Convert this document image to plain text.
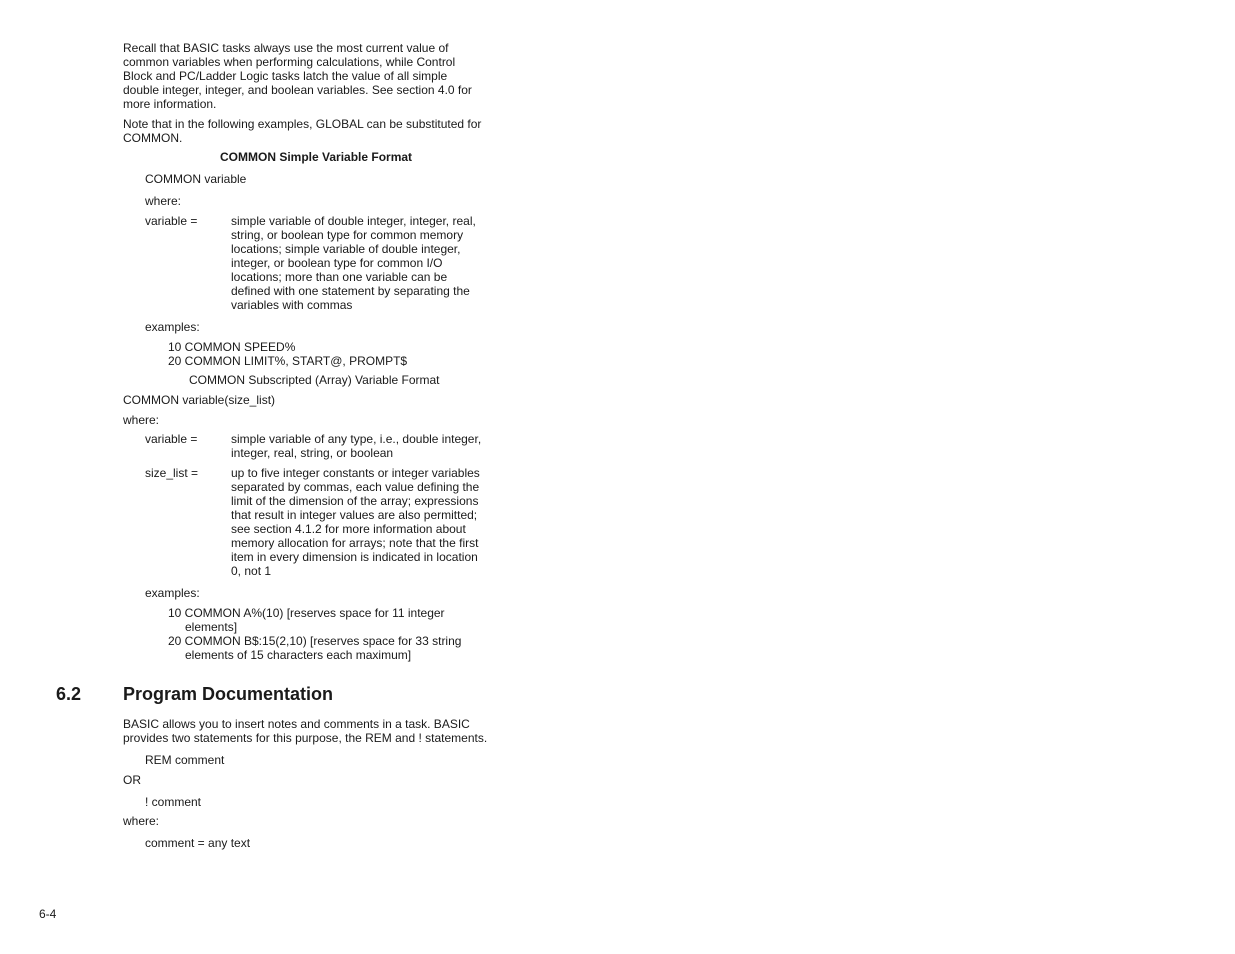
Recall that BASIC tasks always use the most current value of
common variables when performing calculations, while Control
Block and PC/Ladder Logic tasks latch the value of all simple
double integer, integer, and boolean variables. See section 4.0 for
more information.
Note that in the following examples, GLOBAL can be substituted for
COMMON.
COMMON Simple Variable Format
COMMON variable
where:
variable =	simple variable of double integer, integer, real,
string, or boolean type for common memory
locations; simple variable of double integer,
integer, or boolean type for common I/O
locations; more than one variable can be
defined with one statement by separating the
variables with commas
examples:
10 COMMON SPEED%
20 COMMON LIMIT%, START@, PROMPT$
COMMON Subscripted (Array) Variable Format
COMMON variable(size_list)
where:
variable =	simple variable of any type, i.e., double integer,
integer, real, string, or boolean
size_list =	up to five integer constants or integer variables
separated by commas, each value defining the
limit of the dimension of the array; expressions
that result in integer values are also permitted;
see section 4.1.2 for more information about
memory allocation for arrays; note that the first
item in every dimension is indicated in location
0, not 1
examples:
10 COMMON A%(10) [reserves space for 11 integer
elements]
20 COMMON B$:15(2,10) [reserves space for 33 string
elements of 15 characters each maximum]
6.2 Program Documentation
BASIC allows you to insert notes and comments in a task. BASIC
provides two statements for this purpose, the REM and ! statements.
REM comment
OR
! comment
where:
comment = any text
6-4
